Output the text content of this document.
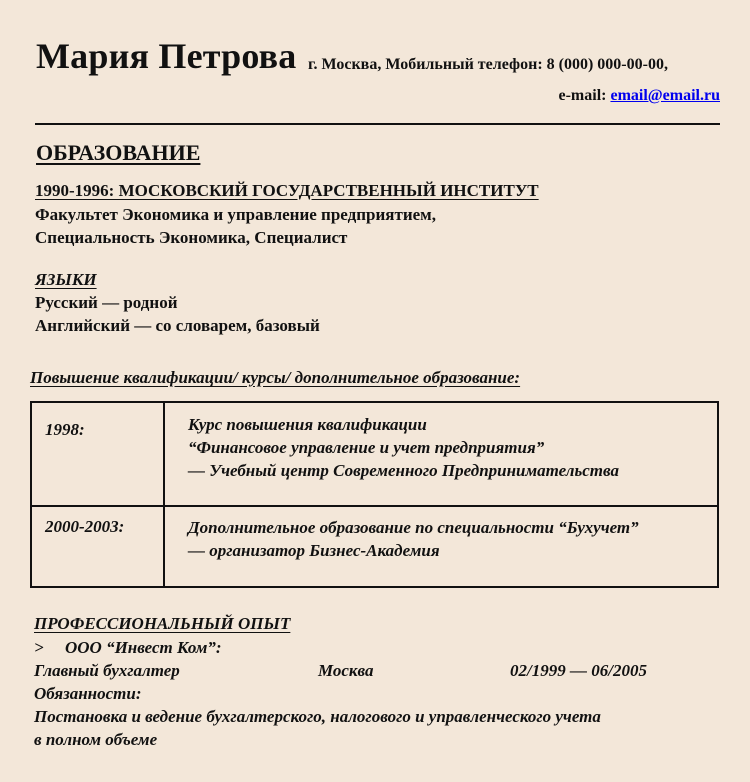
Мария Петрова г. Москва, Мобильный телефон: 8 (000) 000-00-00,
e-mail: email@email.ru
ОБРАЗОВАНИЕ
1990-1996: МОСКОВСКИЙ ГОСУДАРСТВЕННЫЙ ИНСТИТУТ
Факультет Экономика и управление предприятием,
Специальность Экономика, Специалист
ЯЗЫКИ
Русский — родной
Английский — со словарем, базовый
Повышение квалификации/ курсы/ дополнительное образование:
1998:	Курс повышения квалификации
“Финансовое управление и учет предприятия”
— Учебный центр Современного Предпринимательства
2000-2003:	Дополнительное образование по специальности “Бухучет”
— организатор Бизнес-Академия
ПРОФЕССИОНАЛЬНЫЙ ОПЫТ
> ООО “Инвест Ком”:
Главный бухгалтер	Москва	02/1999 — 06/2005
Обязанности:
Постановка и ведение бухгалтерского, налогового и управленческого учета
в полном объеме
